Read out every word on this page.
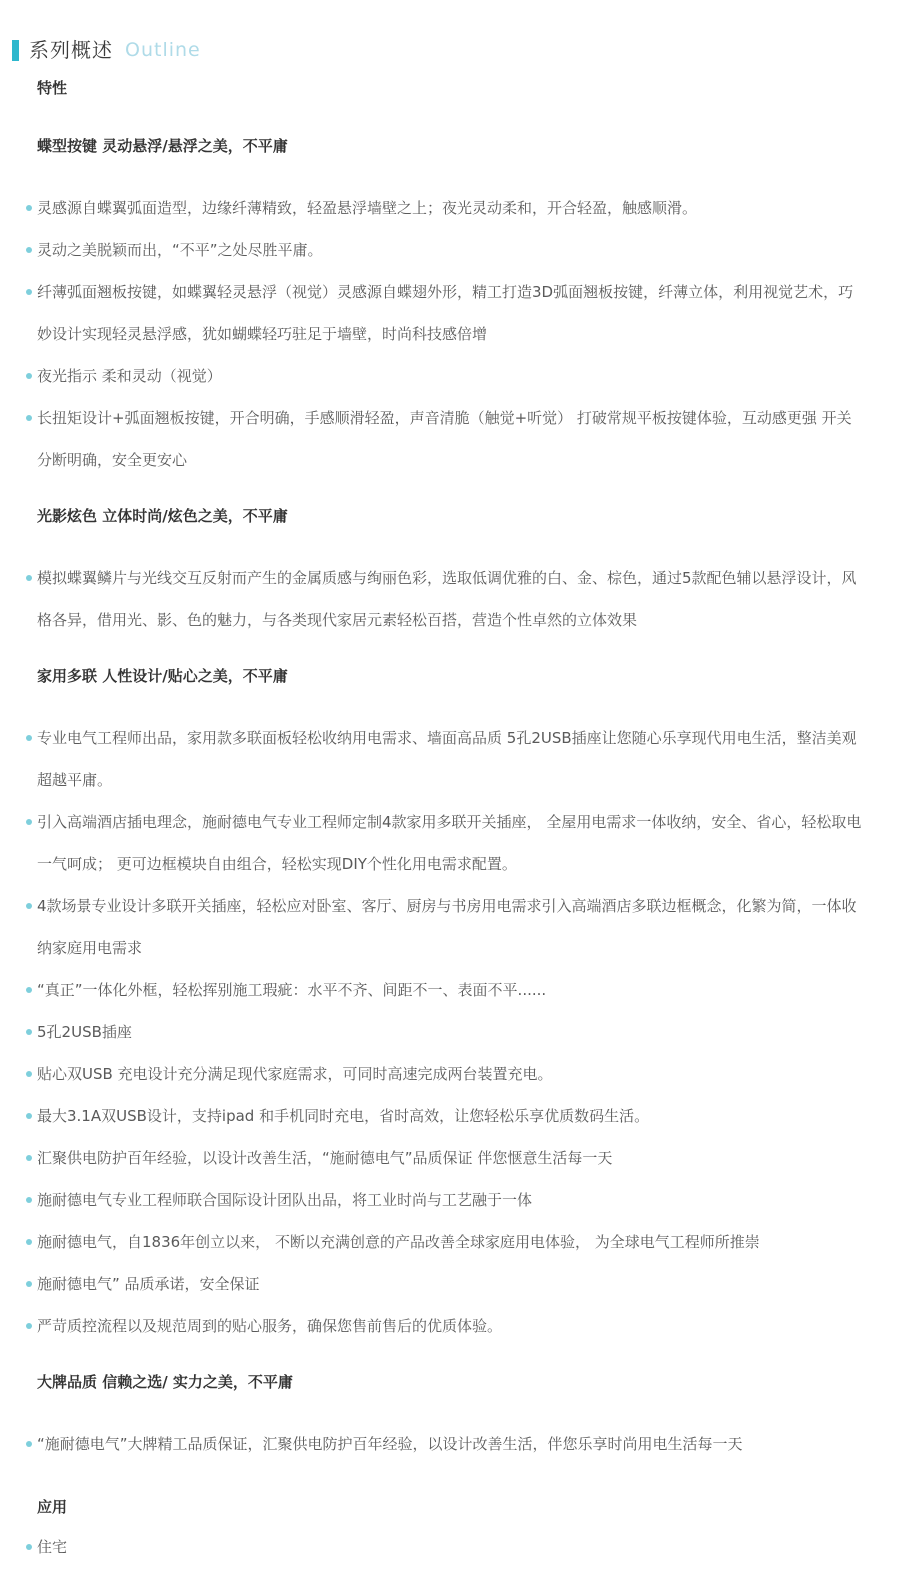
系列概述 Outline
特性
蝶型按键 灵动悬浮/悬浮之美，不平庸
灵感源自蝶翼弧面造型，边缘纤薄精致，轻盈悬浮墙壁之上；夜光灵动柔和，开合轻盈，触感顺滑。
灵动之美脱颖而出，“不平”之处尽胜平庸。
纤薄弧面翘板按键，如蝶翼轻灵悬浮（视觉）灵感源自蝶翅外形，精工打造3D弧面翘板按键，纤薄立体，利用视觉艺术，巧妙设计实现轻灵悬浮感，犹如蝴蝶轻巧驻足于墙壁，时尚科技感倍增
夜光指示 柔和灵动（视觉）
长扭矩设计+弧面翘板按键，开合明确，手感顺滑轻盈，声音清脆（触觉+听觉） 打破常规平板按键体验，互动感更强 开关分断明确，安全更安心
光影炫色 立体时尚/炫色之美，不平庸
模拟蝶翼鳞片与光线交互反射而产生的金属质感与绚丽色彩，选取低调优雅的白、金、棕色，通过5款配色辅以悬浮设计，风格各异，借用光、影、色的魅力，与各类现代家居元素轻松百搭，营造个性卓然的立体效果
家用多联 人性设计/贴心之美，不平庸
专业电气工程师出品，家用款多联面板轻松收纳用电需求、墙面高品质 5孔2USB插座让您随心乐享现代用电生活，整洁美观超越平庸。
引入高端酒店插电理念，施耐德电气专业工程师定制4款家用多联开关插座， 全屋用电需求一体收纳，安全、省心，轻松取电一气呵成； 更可边框模块自由组合，轻松实现DIY个性化用电需求配置。
4款场景专业设计多联开关插座，轻松应对卧室、客厅、厨房与书房用电需求引入高端酒店多联边框概念，化繁为简，一体收纳家庭用电需求
“真正”一体化外框，轻松挥别施工瑕疵：水平不齐、间距不一、表面不平......
5孔2USB插座
贴心双USB 充电设计充分满足现代家庭需求，可同时高速完成两台装置充电。
最大3.1A双USB设计，支持ipad 和手机同时充电，省时高效，让您轻松乐享优质数码生活。
汇聚供电防护百年经验，以设计改善生活，“施耐德电气”品质保证 伴您惬意生活每一天
施耐德电气专业工程师联合国际设计团队出品，将工业时尚与工艺融于一体
施耐德电气，自1836年创立以来， 不断以充满创意的产品改善全球家庭用电体验， 为全球电气工程师所推崇
施耐德电气” 品质承诺，安全保证
严苛质控流程以及规范周到的贴心服务，确保您售前售后的优质体验。
大牌品质 信赖之选/ 实力之美，不平庸
“施耐德电气”大牌精工品质保证，汇聚供电防护百年经验，以设计改善生活，伴您乐享时尚用电生活每一天
应用
住宅
